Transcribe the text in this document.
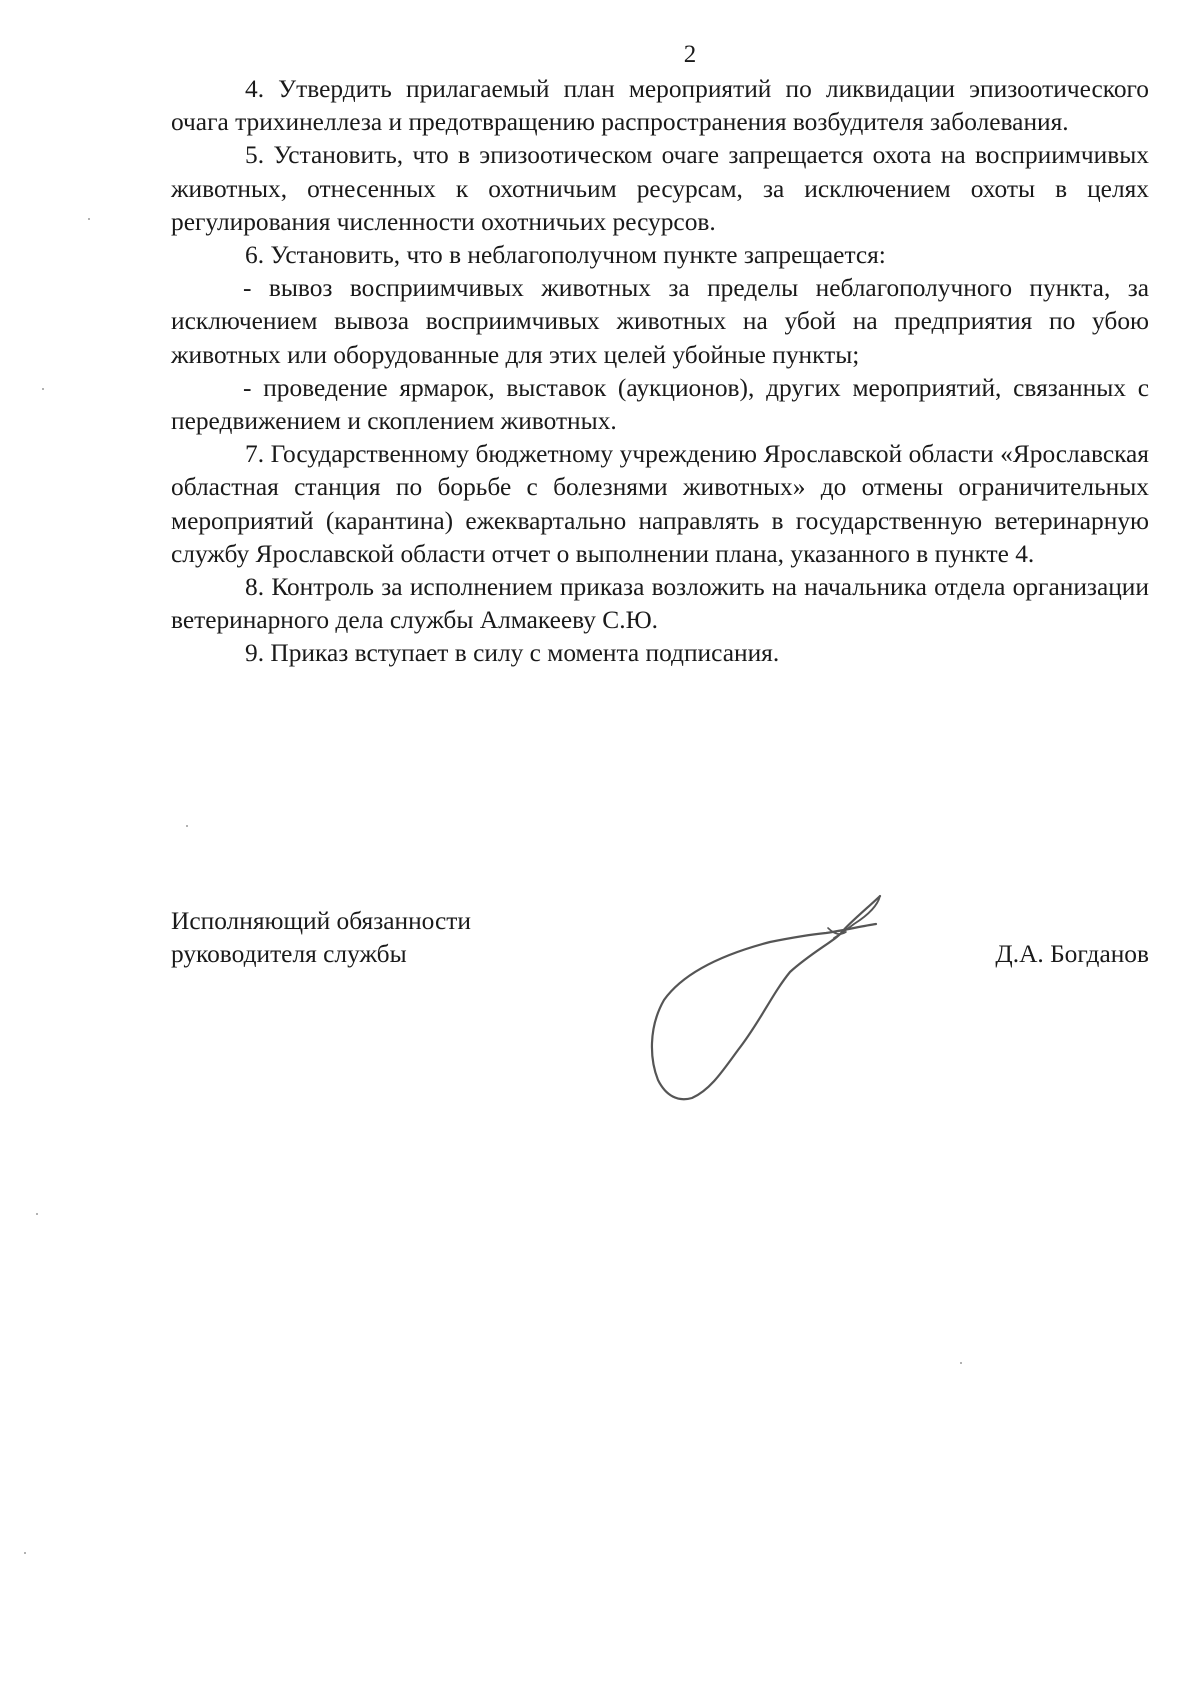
2

4. Утвердить прилагаемый план мероприятий по ликвидации эпизоотического очага трихинеллеза и предотвращению распространения возбудителя заболевания.

5. Установить, что в эпизоотическом очаге запрещается охота на восприимчивых животных, отнесенных к охотничьим ресурсам, за исключением охоты в целях регулирования численности охотничьих ресурсов.

6. Установить, что в неблагополучном пункте запрещается:

- вывоз восприимчивых животных за пределы неблагополучного пункта, за исключением вывоза восприимчивых животных на убой на предприятия по убою животных или оборудованные для этих целей убойные пункты;

- проведение ярмарок, выставок (аукционов), других мероприятий, связанных с передвижением и скоплением животных.

7. Государственному бюджетному учреждению Ярославской области «Ярославская областная станция по борьбе с болезнями животных» до отмены ограничительных мероприятий (карантина) ежеквартально направлять в государственную ветеринарную службу Ярославской области отчет о выполнении плана, указанного в пункте 4.

8. Контроль за исполнением приказа возложить на начальника отдела организации ветеринарного дела службы Алмакееву С.Ю.

9. Приказ вступает в силу с момента подписания.

Исполняющий обязанности
руководителя службы	Д.А. Богданов
